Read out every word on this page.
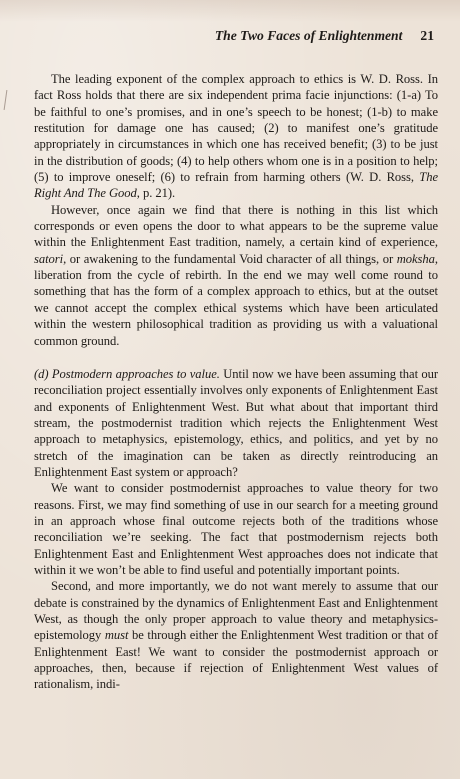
The Two Faces of Enlightenment 21

The leading exponent of the complex approach to ethics is W. D. Ross. In fact Ross holds that there are six independent prima facie injunctions: (1-a) To be faithful to one’s promises, and in one’s speech to be honest; (1-b) to make restitution for damage one has caused; (2) to manifest one’s gratitude appropriately in circumstances in which one has received benefit; (3) to be just in the distribution of goods; (4) to help others whom one is in a position to help; (5) to improve oneself; (6) to refrain from harming others (W. D. Ross, The Right And The Good, p. 21).

However, once again we find that there is nothing in this list which corresponds or even opens the door to what appears to be the supreme value within the Enlightenment East tradition, namely, a certain kind of experience, satori, or awakening to the fundamental Void character of all things, or moksha, liberation from the cycle of rebirth. In the end we may well come round to something that has the form of a complex approach to ethics, but at the outset we cannot accept the complex ethical systems which have been articulated within the western philosophical tradition as providing us with a valuational common ground.

(d) Postmodern approaches to value. Until now we have been assuming that our reconciliation project essentially involves only exponents of Enlightenment East and exponents of Enlightenment West. But what about that important third stream, the postmodernist tradition which rejects the Enlightenment West approach to metaphysics, epistemology, ethics, and politics, and yet by no stretch of the imagination can be taken as directly reintroducing an Enlightenment East system or approach?

We want to consider postmodernist approaches to value theory for two reasons. First, we may find something of use in our search for a meeting ground in an approach whose final outcome rejects both of the traditions whose reconciliation we’re seeking. The fact that postmodernism rejects both Enlightenment East and Enlightenment West approaches does not indicate that within it we won’t be able to find useful and potentially important points.

Second, and more importantly, we do not want merely to assume that our debate is constrained by the dynamics of Enlightenment East and Enlightenment West, as though the only proper approach to value theory and metaphysics-epistemology must be through either the Enlightenment West tradition or that of Enlightenment East! We want to consider the postmodernist approach or approaches, then, because if rejection of Enlightenment West values of rationalism, indi-
